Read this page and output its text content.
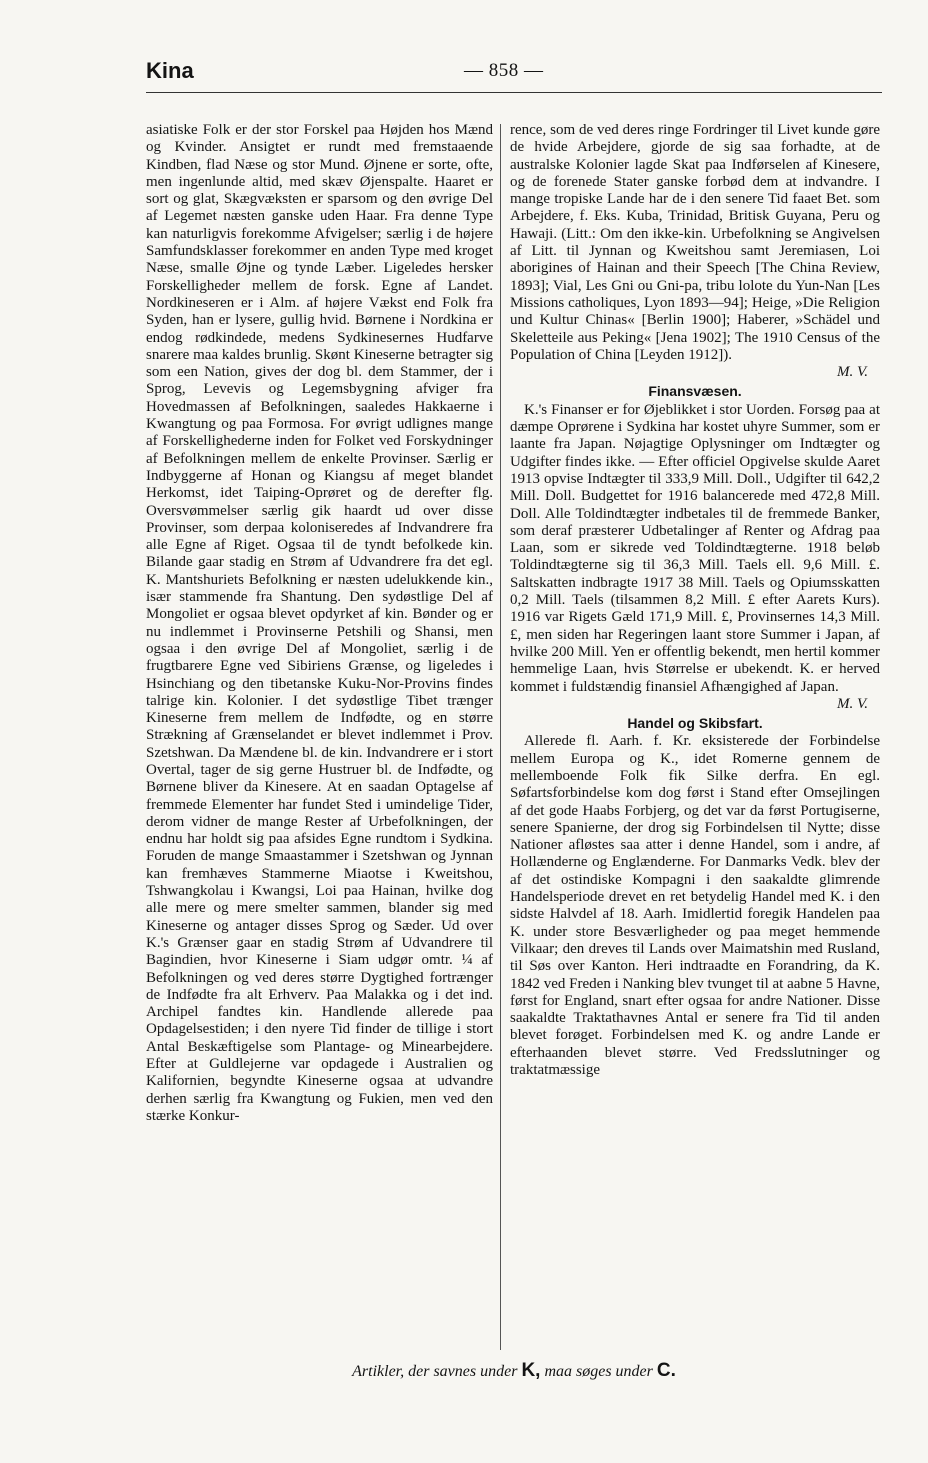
Kina	— 858 —

asiatiske Folk er der stor Forskel paa Højden hos Mænd og Kvinder. Ansigtet er rundt med fremstaaende Kindben, flad Næse og stor Mund. Øjnene er sorte, ofte, men ingenlunde altid, med skæv Øjenspalte. Haaret er sort og glat, Skægvæksten er sparsom og den øvrige Del af Legemet næsten ganske uden Haar. Fra denne Type kan naturligvis forekomme Afvigelser; særlig i de højere Samfundsklasser forekommer en anden Type med kroget Næse, smalle Øjne og tynde Læber. Ligeledes hersker Forskelligheder mellem de forsk. Egne af Landet. Nordkineseren er i Alm. af højere Vækst end Folk fra Syden, han er lysere, gullig hvid. Børnene i Nordkina er endog rødkindede, medens Sydkinesernes Hudfarve snarere maa kaldes brunlig. Skønt Kineserne betragter sig som een Nation, gives der dog bl. dem Stammer, der i Sprog, Levevis og Legemsbygning afviger fra Hovedmassen af Befolkningen, saaledes Hakkaerne i Kwangtung og paa Formosa. For øvrigt udlignes mange af Forskellighederne inden for Folket ved Forskydninger af Befolkningen mellem de enkelte Provinser. Særlig er Indbyggerne af Honan og Kiangsu af meget blandet Herkomst, idet Taiping-Oprøret og de derefter flg. Oversvømmelser særlig gik haardt ud over disse Provinser, som derpaa koloniseredes af Indvandrere fra alle Egne af Riget. Ogsaa til de tyndt befolkede kin. Bilande gaar stadig en Strøm af Udvandrere fra det egl. K. Mantshuriets Befolkning er næsten udelukkende kin., især stammende fra Shantung. Den sydøstlige Del af Mongoliet er ogsaa blevet opdyrket af kin. Bønder og er nu indlemmet i Provinserne Petshili og Shansi, men ogsaa i den øvrige Del af Mongoliet, særlig i de frugtbarere Egne ved Sibiriens Grænse, og ligeledes i Hsinchiang og den tibetanske Kuku-Nor-Provins findes talrige kin. Kolonier. I det sydøstlige Tibet trænger Kineserne frem mellem de Indfødte, og en større Strækning af Grænselandet er blevet indlemmet i Prov. Szetshwan. Da Mændene bl. de kin. Indvandrere er i stort Overtal, tager de sig gerne Hustruer bl. de Indfødte, og Børnene bliver da Kinesere. At en saadan Optagelse af fremmede Elementer har fundet Sted i umindelige Tider, derom vidner de mange Rester af Urbefolkningen, der endnu har holdt sig paa afsides Egne rundtom i Sydkina. Foruden de mange Smaastammer i Szetshwan og Jynnan kan fremhæves Stammerne Miaotse i Kweitshou, Tshwangkolau i Kwangsi, Loi paa Hainan, hvilke dog alle mere og mere smelter sammen, blander sig med Kineserne og antager disses Sprog og Sæder. Ud over K.'s Grænser gaar en stadig Strøm af Udvandrere til Bagindien, hvor Kineserne i Siam udgør omtr. ¼ af Befolkningen og ved deres større Dygtighed fortrænger de Indfødte fra alt Erhverv. Paa Malakka og i det ind. Archipel fandtes kin. Handlende allerede paa Opdagelsestiden; i den nyere Tid finder de tillige i stort Antal Beskæftigelse som Plantage- og Minearbejdere. Efter at Guldlejerne var opdagede i Australien og Kalifornien, begyndte Kineserne ogsaa at udvandre derhen særlig fra Kwangtung og Fukien, men ved den stærke Konkur-

rence, som de ved deres ringe Fordringer til Livet kunde gøre de hvide Arbejdere, gjorde de sig saa forhadte, at de australske Kolonier lagde Skat paa Indførselen af Kinesere, og de forenede Stater ganske forbød dem at indvandre. I mange tropiske Lande har de i den senere Tid faaet Bet. som Arbejdere, f. Eks. Kuba, Trinidad, Britisk Guyana, Peru og Hawaji. (Litt.: Om den ikke-kin. Urbefolkning se Angivelsen af Litt. til Jynnan og Kweitshou samt Jeremiasen, Loi aborigines of Hainan and their Speech [The China Review, 1893]; Vial, Les Gni ou Gni-pa, tribu lolote du Yun-Nan [Les Missions catholiques, Lyon 1893—94]; Heige, »Die Religion und Kultur Chinas« [Berlin 1900]; Haberer, »Schädel und Skeletteile aus Peking« [Jena 1902]; The 1910 Census of the Population of China [Leyden 1912]).

M. V.
Finansvæsen.

K.'s Finanser er for Øjeblikket i stor Uorden. Forsøg paa at dæmpe Oprørene i Sydkina har kostet uhyre Summer, som er laante fra Japan. Nøjagtige Oplysninger om Indtægter og Udgifter findes ikke. — Efter officiel Opgivelse skulde Aaret 1913 opvise Indtægter til 333,9 Mill. Doll., Udgifter til 642,2 Mill. Doll. Budgettet for 1916 balancerede med 472,8 Mill. Doll. Alle Toldindtægter indbetales til de fremmede Banker, som deraf præsterer Udbetalinger af Renter og Afdrag paa Laan, som er sikrede ved Toldindtægterne. 1918 beløb Toldindtægterne sig til 36,3 Mill. Taels ell. 9,6 Mill. £. Saltskatten indbragte 1917 38 Mill. Taels og Opiumsskatten 0,2 Mill. Taels (tilsammen 8,2 Mill. £ efter Aarets Kurs). 1916 var Rigets Gæld 171,9 Mill. £, Provinsernes 14,3 Mill. £, men siden har Regeringen laant store Summer i Japan, af hvilke 200 Mill. Yen er offentlig bekendt, men hertil kommer hemmelige Laan, hvis Størrelse er ubekendt. K. er herved kommet i fuldstændig finansiel Afhængighed af Japan.

M. V.
Handel og Skibsfart.

Allerede fl. Aarh. f. Kr. eksisterede der Forbindelse mellem Europa og K., idet Romerne gennem de mellemboende Folk fik Silke derfra. En egl. Søfartsforbindelse kom dog først i Stand efter Omsejlingen af det gode Haabs Forbjerg, og det var da først Portugiserne, senere Spanierne, der drog sig Forbindelsen til Nytte; disse Nationer afløstes saa atter i denne Handel, som i andre, af Hollænderne og Englænderne. For Danmarks Vedk. blev der af det ostindiske Kompagni i den saakaldte glimrende Handelsperiode drevet en ret betydelig Handel med K. i den sidste Halvdel af 18. Aarh. Imidlertid foregik Handelen paa K. under store Besværligheder og paa meget hemmende Vilkaar; den dreves til Lands over Maimatshin med Rusland, til Søs over Kanton. Heri indtraadte en Forandring, da K. 1842 ved Freden i Nanking blev tvunget til at aabne 5 Havne, først for England, snart efter ogsaa for andre Nationer. Disse saakaldte Traktathavnes Antal er senere fra Tid til anden blevet forøget. Forbindelsen med K. og andre Lande er efterhaanden blevet større. Ved Fredsslutninger og traktatmæssige

Artikler, der savnes under K, maa søges under C.
